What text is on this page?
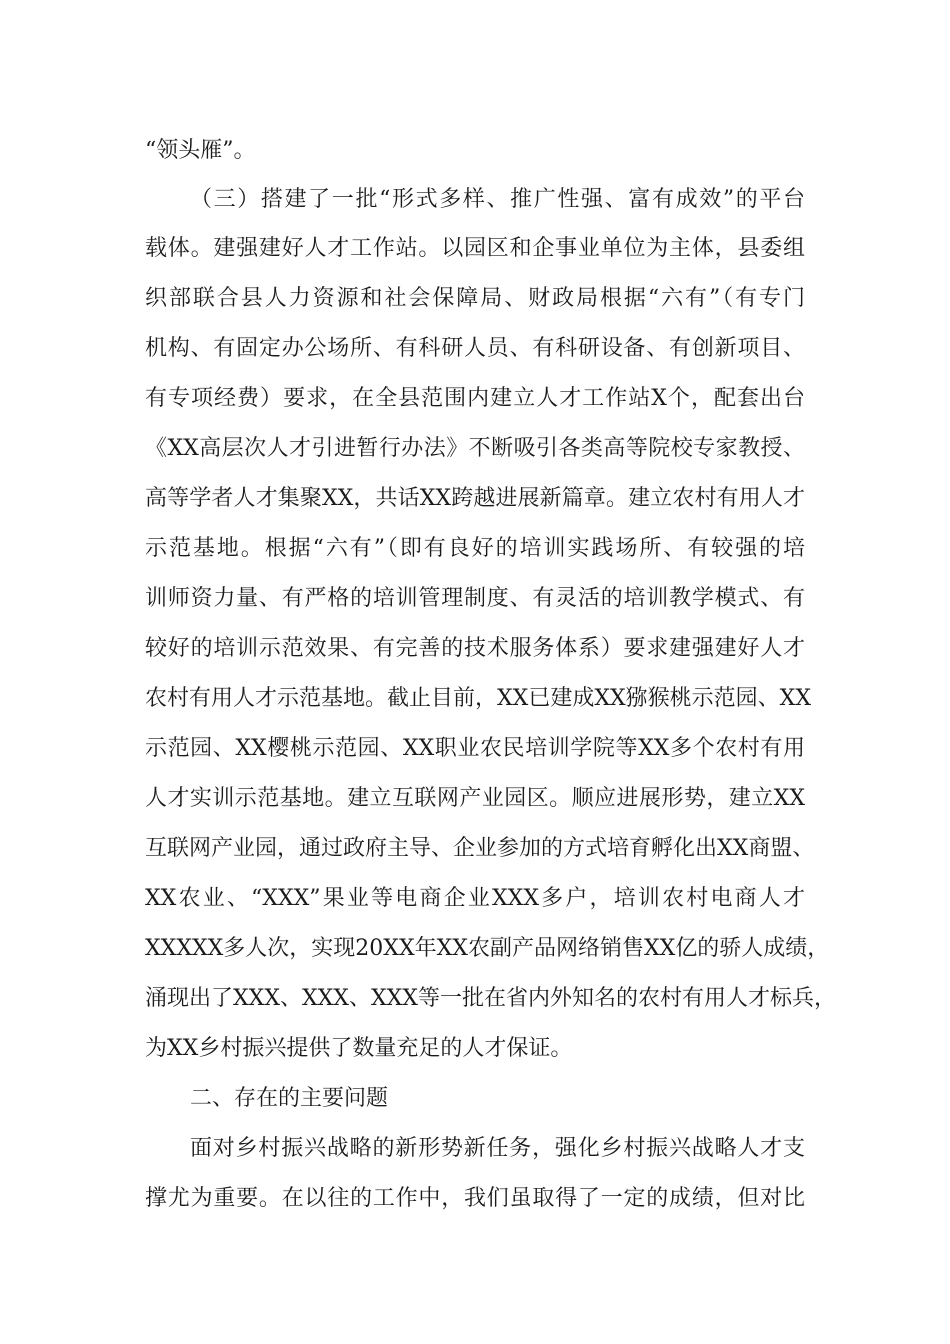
“领头雁”。
（三）搭建了一批“形式多样、推广性强、富有成效”的平台
载体。建强建好人才工作站。以园区和企事业单位为主体，县委组
织部联合县人力资源和社会保障局、财政局根据“六有”（有专门
机构、有固定办公场所、有科研人员、有科研设备、有创新项目、
有专项经费）要求，在全县范围内建立人才工作站X个，配套出台
《XX高层次人才引进暂行办法》不断吸引各类高等院校专家教授、
高等学者人才集聚XX，共话XX跨越进展新篇章。建立农村有用人才
示范基地。根据“六有”（即有良好的培训实践场所、有较强的培
训师资力量、有严格的培训管理制度、有灵活的培训教学模式、有
较好的培训示范效果、有完善的技术服务体系）要求建强建好人才
农村有用人才示范基地。截止目前，XX已建成XX猕猴桃示范园、XX
示范园、XX樱桃示范园、XX职业农民培训学院等XX多个农村有用
人才实训示范基地。建立互联网产业园区。顺应进展形势，建立XX
互联网产业园，通过政府主导、企业参加的方式培育孵化出XX商盟、
XX农业、“XXX”果业等电商企业XXX多户，培训农村电商人才
XXXXX多人次，实现20XX年XX农副产品网络销售XX亿的骄人成绩，
涌现出了XXX、XXX、XXX等一批在省内外知名的农村有用人才标兵，
为XX乡村振兴提供了数量充足的人才保证。
二、存在的主要问题
面对乡村振兴战略的新形势新任务，强化乡村振兴战略人才支
撑尤为重要。在以往的工作中，我们虽取得了一定的成绩，但对比
